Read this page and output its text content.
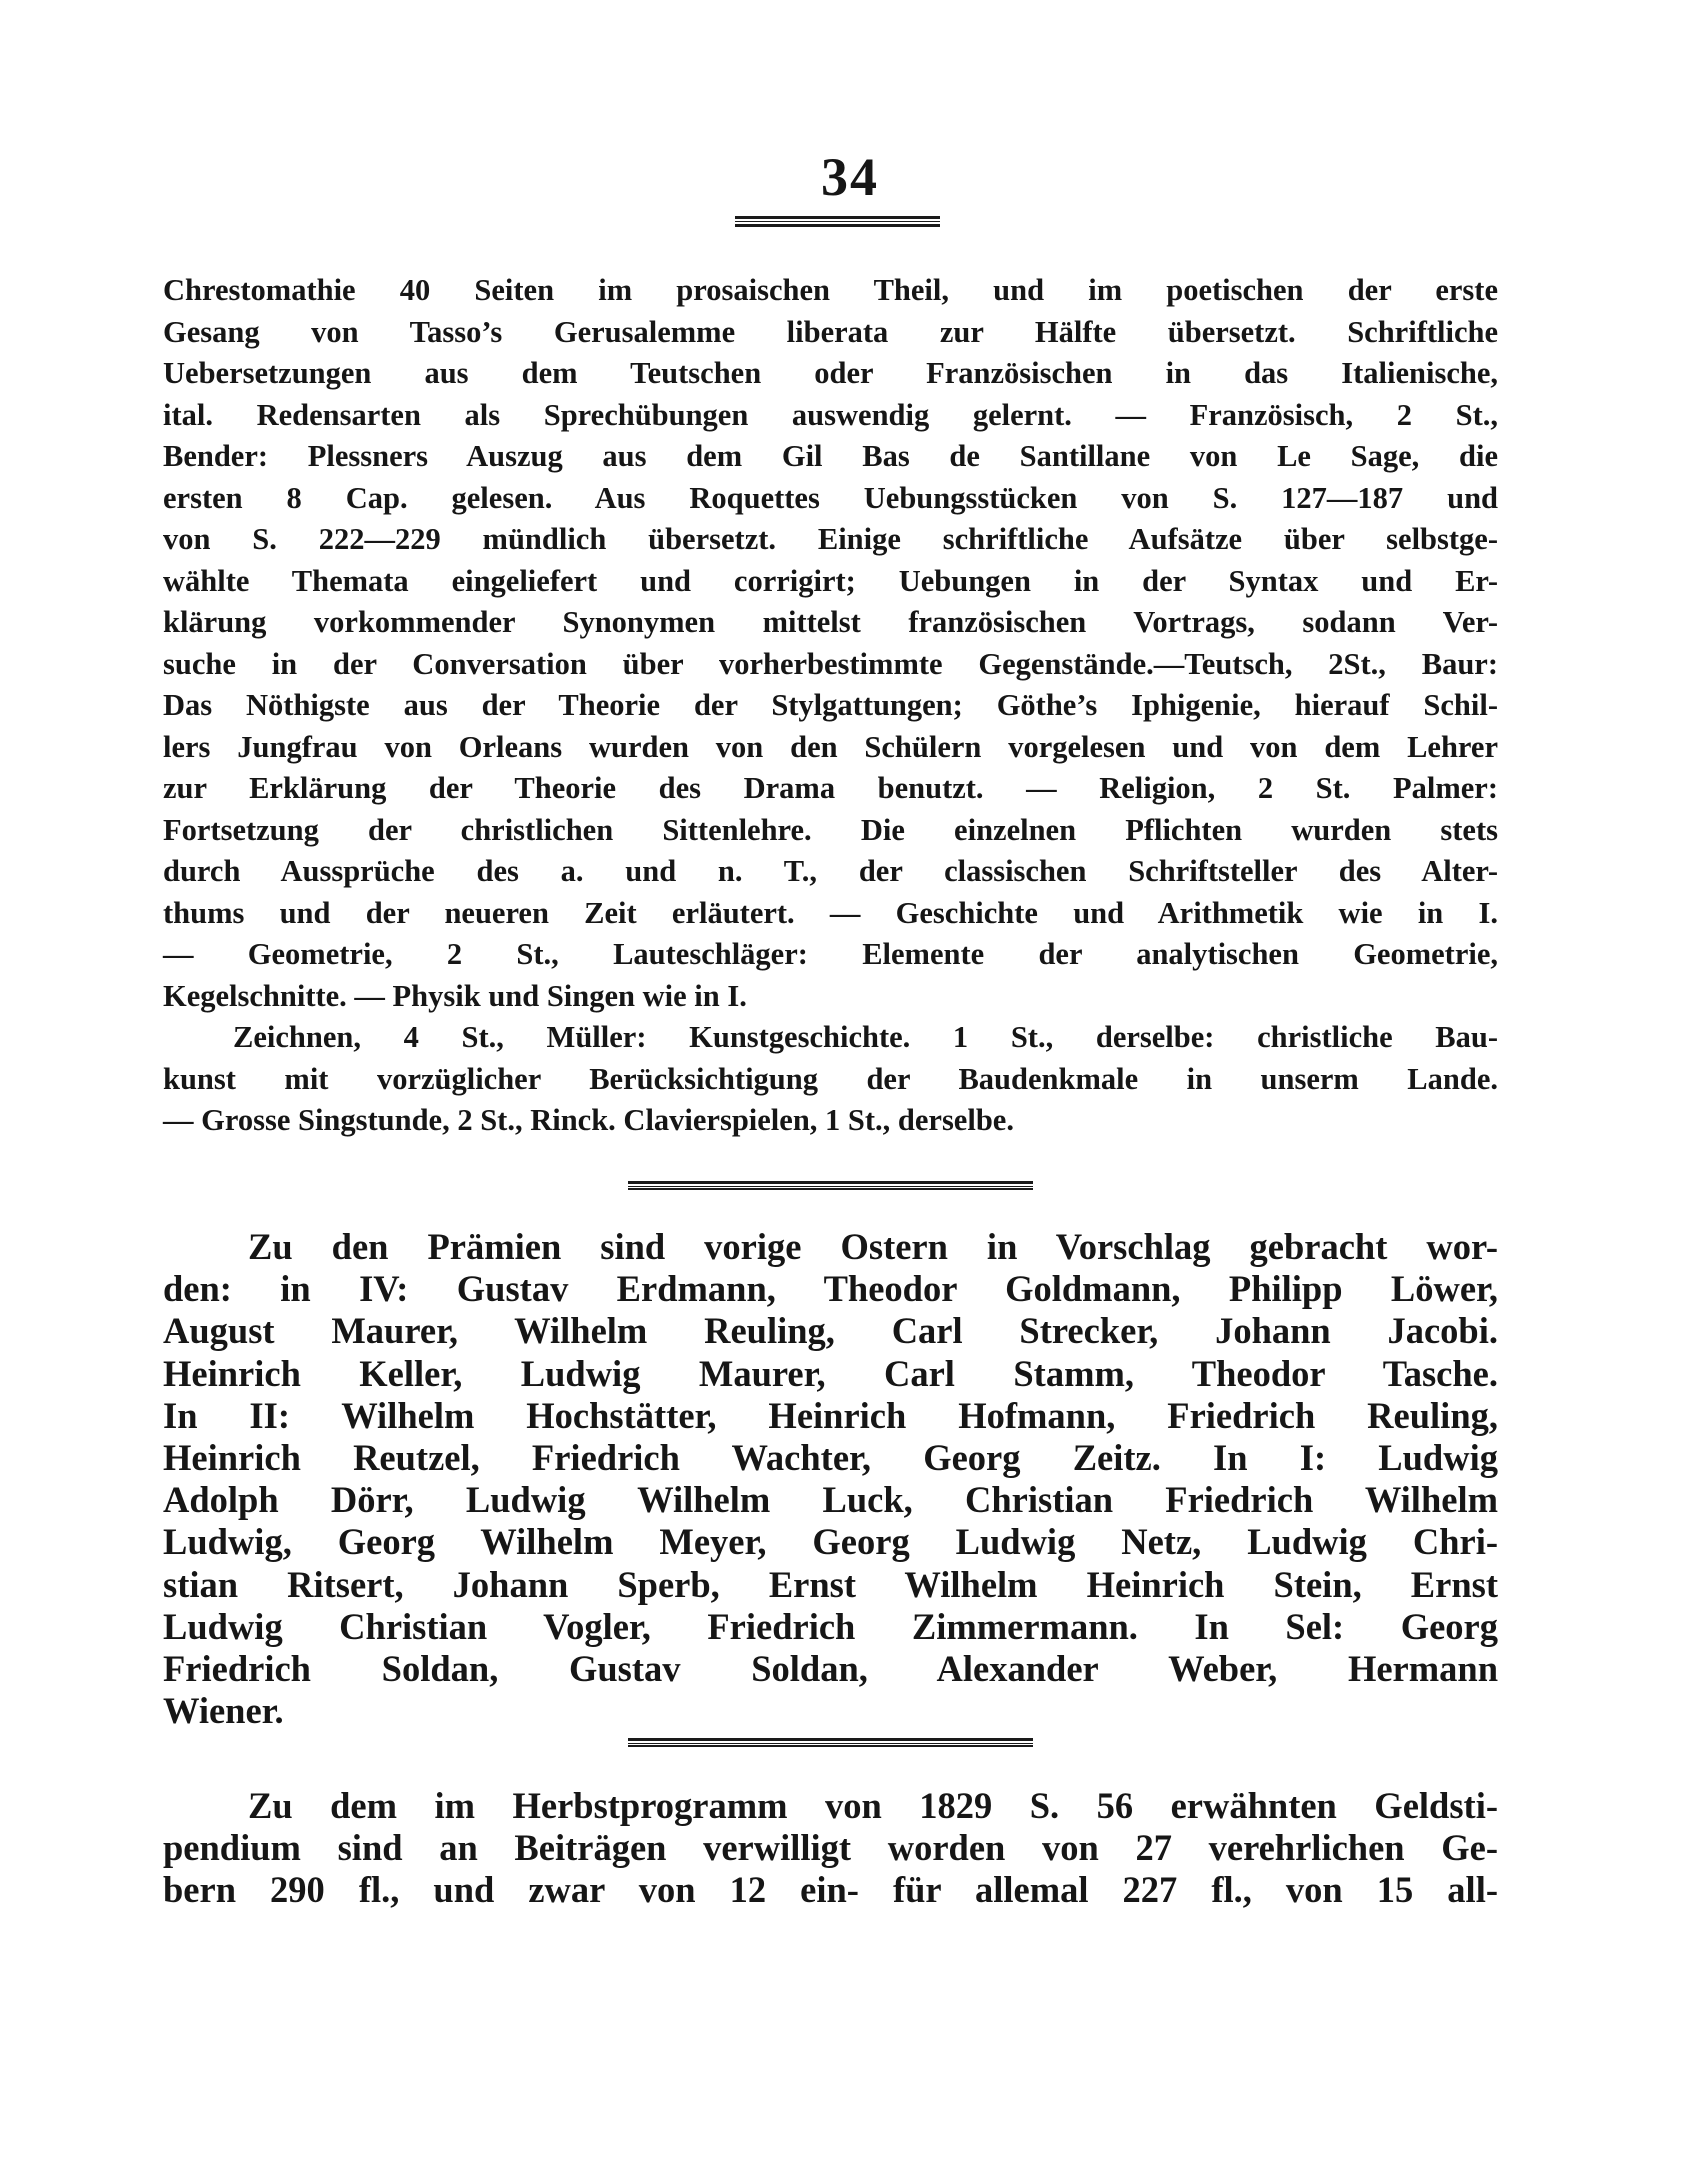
34
Chrestomathie 40 Seiten im prosaischen Theil, und im poetischen der erste
Gesang von Tasso’s Gerusalemme liberata zur Hälfte übersetzt. Schriftliche
Uebersetzungen aus dem Teutschen oder Französischen in das Italienische,
ital. Redensarten als Sprechübungen auswendig gelernt. — Französisch, 2 St.,
Bender: Plessners Auszug aus dem Gil Bas de Santillane von Le Sage, die
ersten 8 Cap. gelesen. Aus Roquettes Uebungsstücken von S. 127—187 und
von S. 222—229 mündlich übersetzt. Einige schriftliche Aufsätze über selbstge-
wählte Themata eingeliefert und corrigirt; Uebungen in der Syntax und Er-
klärung vorkommender Synonymen mittelst französischen Vortrags, sodann Ver-
suche in der Conversation über vorherbestimmte Gegenstände.—Teutsch, 2St., Baur:
Das Nöthigste aus der Theorie der Stylgattungen; Göthe’s Iphigenie, hierauf Schil-
lers Jungfrau von Orleans wurden von den Schülern vorgelesen und von dem Lehrer
zur Erklärung der Theorie des Drama benutzt. — Religion, 2 St. Palmer:
Fortsetzung der christlichen Sittenlehre. Die einzelnen Pflichten wurden stets
durch Aussprüche des a. und n. T., der classischen Schriftsteller des Alter-
thums und der neueren Zeit erläutert. — Geschichte und Arithmetik wie in I.
— Geometrie, 2 St., Lauteschläger: Elemente der analytischen Geometrie,
Kegelschnitte. — Physik und Singen wie in I.
Zeichnen, 4 St., Müller: Kunstgeschichte. 1 St., derselbe: christliche Bau-
kunst mit vorzüglicher Berücksichtigung der Baudenkmale in unserm Lande.
— Grosse Singstunde, 2 St., Rinck. Clavierspielen, 1 St., derselbe.
Zu den Prämien sind vorige Ostern in Vorschlag gebracht wor-
den: in IV: Gustav Erdmann, Theodor Goldmann, Philipp Löwer,
August Maurer, Wilhelm Reuling, Carl Strecker, Johann Jacobi.
Heinrich Keller, Ludwig Maurer, Carl Stamm, Theodor Tasche.
In II: Wilhelm Hochstätter, Heinrich Hofmann, Friedrich Reuling,
Heinrich Reutzel, Friedrich Wachter, Georg Zeitz. In I: Ludwig
Adolph Dörr, Ludwig Wilhelm Luck, Christian Friedrich Wilhelm
Ludwig, Georg Wilhelm Meyer, Georg Ludwig Netz, Ludwig Chri-
stian Ritsert, Johann Sperb, Ernst Wilhelm Heinrich Stein, Ernst
Ludwig Christian Vogler, Friedrich Zimmermann. In Sel: Georg
Friedrich Soldan, Gustav Soldan, Alexander Weber, Hermann
Wiener.
Zu dem im Herbstprogramm von 1829 S. 56 erwähnten Geldsti-
pendium sind an Beiträgen verwilligt worden von 27 verehrlichen Ge-
bern 290 fl., und zwar von 12 ein- für allemal 227 fl., von 15 all-
